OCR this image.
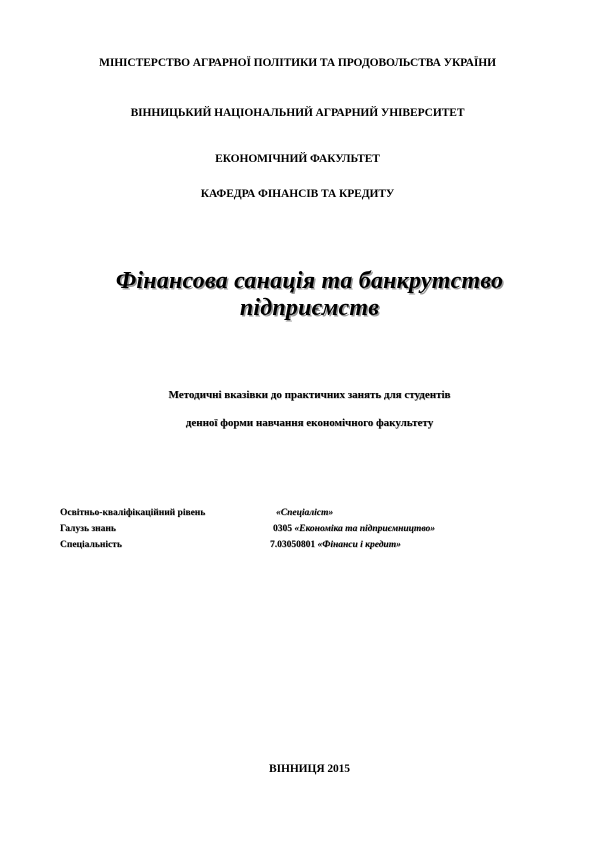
МІНІСТЕРСТВО АГРАРНОЇ ПОЛІТИКИ ТА ПРОДОВОЛЬСТВА УКРАЇНИ
ВІННИЦЬКИЙ НАЦІОНАЛЬНИЙ АГРАРНИЙ УНІВЕРСИТЕТ
ЕКОНОМІЧНИЙ ФАКУЛЬТЕТ
КАФЕДРА ФІНАНСІВ ТА КРЕДИТУ
Фінансова санація та банкрутство
підприємств
Методичні вказівки до практичних занять для студентів
денної форми навчання економічного факультету
Освітньо-кваліфікаційний рівень	«Спеціаліст»
Галузь знань	0305 «Економіка та підприємництво»
Спеціальність	7.03050801 «Фінанси і кредит»
ВІННИЦЯ 2015
